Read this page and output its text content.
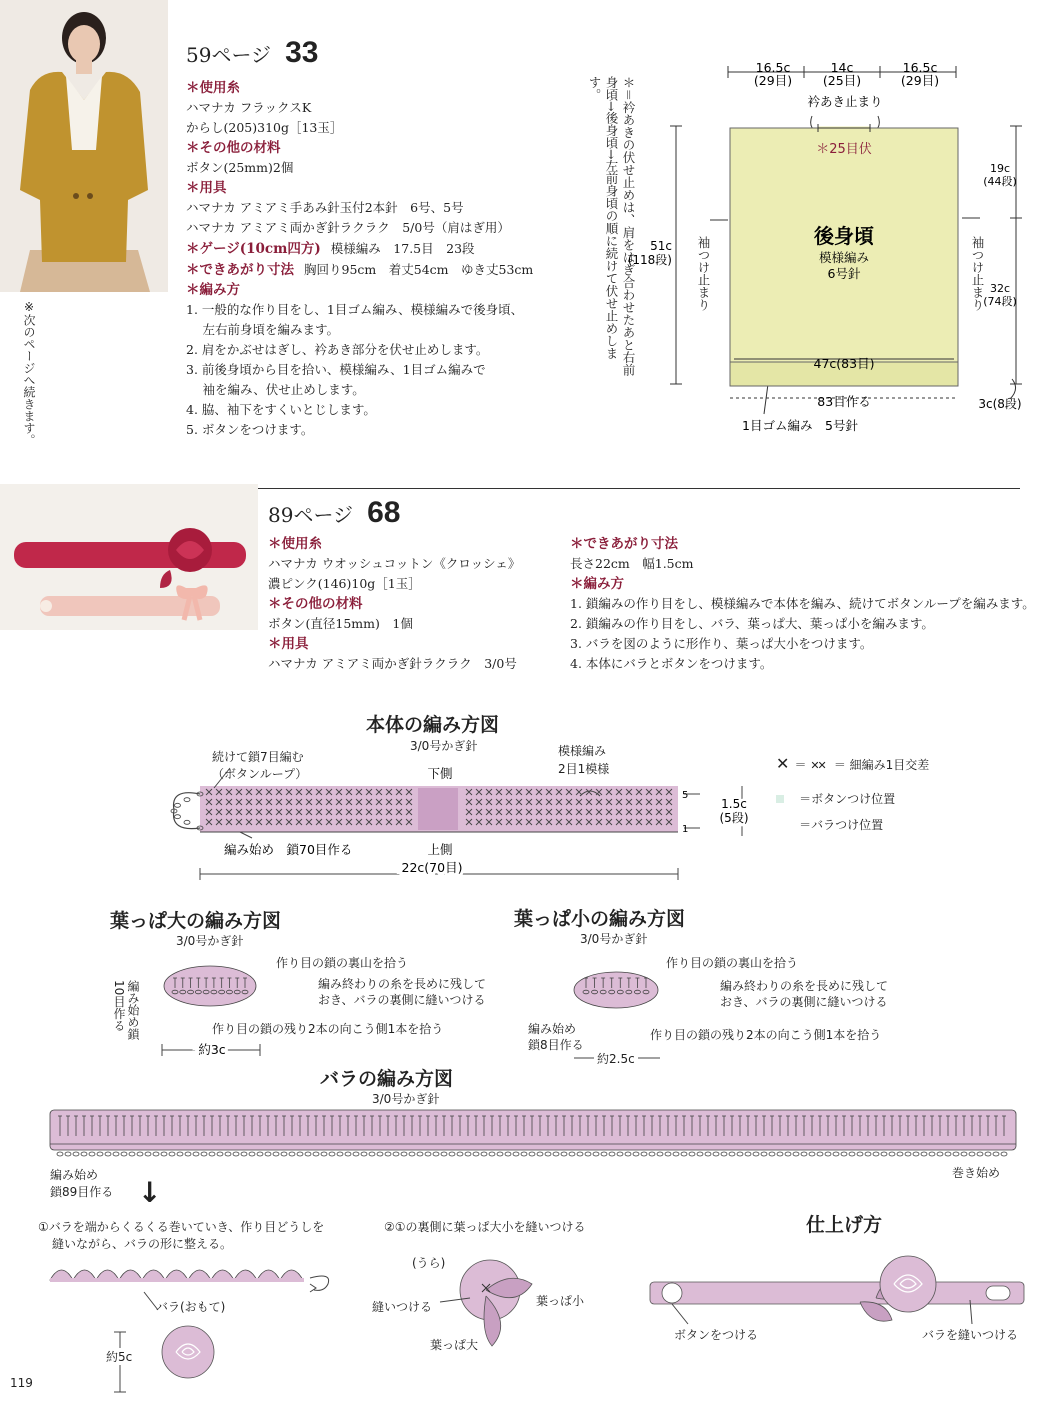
※次のページへ続きます。
59ページ 33
＊使用糸
ハマナカ フラックスK
からし(205)310g［13玉］
＊その他の材料
ボタン(25mm)2個
＊用具
ハマナカ アミアミ手あみ針玉付2本針　6号、5号
ハマナカ アミアミ両かぎ針ラクラク　5/0号（肩はぎ用）
＊ゲージ(10cm四方) 模様編み　17.5目　23段
＊できあがり寸法 胸回り95cm　着丈54cm　ゆき丈53cm
＊編み方
1. 一般的な作り目をし、1目ゴム編み、模様編みで後身頃、
　 左右前身頃を編みます。
2. 肩をかぶせはぎし、衿あき部分を伏せ止めします。
3. 前後身頃から目を拾い、模様編み、1目ゴム編みで
　 袖を編み、伏せ止めします。
4. 脇、袖下をすくいとじします。
5. ボタンをつけます。
＊＝衿あきの伏せ止めは、肩をはぎ合わせたあと右前身頃→後身頃→左前身頃の順に続けて伏せ止めします。
16.5c
(29目)
14c
(25目)
16.5c
(29目)
衿あき止まり
＊25目伏
後身頃
模様編み
6号針
47c(83目)
83目作る
1目ゴム編み　5号針
51c
(118段)
19c
(44段)
32c
(74段)
3c(8段)
袖つけ止まり	袖つけ止まり
89ページ 68
＊使用糸
ハマナカ ウオッシュコットン《クロッシェ》
濃ピンク(146)10g［1玉］
＊その他の材料
ボタン(直径15mm)　1個
＊用具
ハマナカ アミアミ両かぎ針ラクラク　3/0号
＊できあがり寸法
長さ22cm　幅1.5cm
＊編み方
1. 鎖編みの作り目をし、模様編みで本体を編み、続けてボタンループを編みます。
2. 鎖編みの作り目をし、バラ、葉っぱ大、葉っぱ小を編みます。
3. バラを図のように形作り、葉っぱ大小をつけます。
4. 本体にバラとボタンをつけます。
本体の編み方図
3/0号かぎ針
下側
上側
5
1
編み始め　鎖70目作る
22c(70目)
1.5c
(5段)
続けて鎖7目編む
（ボタンループ）
模様編み
2目1模様	✕ ＝ ✕✕ ＝ 細編み1目交差
＝ボタンつけ位置
＝バラつけ位置
葉っぱ大の編み方図
3/0号かぎ針
約3c
編み始め鎖10目作る
作り目の鎖の裏山を拾う
編み終わりの糸を長めに残して
おき、バラの裏側に縫いつける
作り目の鎖の残り2本の向こう側1本を拾う
葉っぱ小の編み方図
3/0号かぎ針
編み始め
鎖8目作る
約2.5c
作り目の鎖の裏山を拾う
編み終わりの糸を長めに残して
おき、バラの裏側に縫いつける
作り目の鎖の残り2本の向こう側1本を拾う
バラの編み方図
3/0号かぎ針
編み始め
鎖89目作る
巻き始め
↓
①バラを端からくるくる巻いていき、作り目どうしを
縫いながら、バラの形に整える。
バラ(おもて)
約5c
②①の裏側に葉っぱ大小を縫いつける
(うら)
縫いつける	葉っぱ小
葉っぱ大
仕上げ方
ボタンをつける	バラを縫いつける
119
